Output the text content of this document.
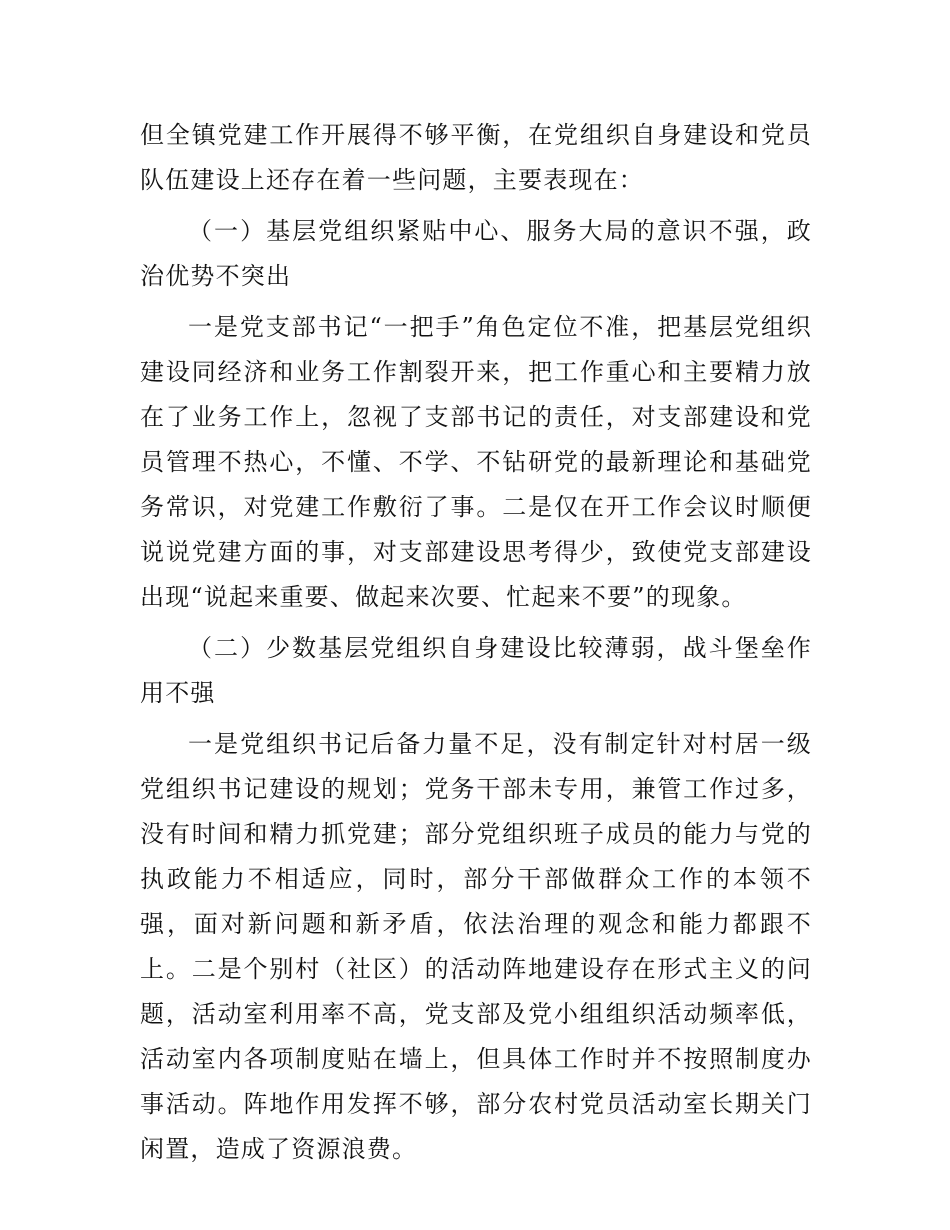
但全镇党建工作开展得不够平衡，在党组织自身建设和党员队伍建设上还存在着一些问题，主要表现在：

（一）基层党组织紧贴中心、服务大局的意识不强，政治优势不突出

一是党支部书记“一把手”角色定位不准，把基层党组织建设同经济和业务工作割裂开来，把工作重心和主要精力放在了业务工作上，忽视了支部书记的责任，对支部建设和党员管理不热心，不懂、不学、不钻研党的最新理论和基础党务常识，对党建工作敷衍了事。二是仅在开工作会议时顺便说说党建方面的事，对支部建设思考得少，致使党支部建设出现“说起来重要、做起来次要、忙起来不要”的现象。

（二）少数基层党组织自身建设比较薄弱，战斗堡垒作用不强

一是党组织书记后备力量不足，没有制定针对村居一级党组织书记建设的规划；党务干部未专用，兼管工作过多，没有时间和精力抓党建；部分党组织班子成员的能力与党的执政能力不相适应，同时，部分干部做群众工作的本领不强，面对新问题和新矛盾，依法治理的观念和能力都跟不上。二是个别村（社区）的活动阵地建设存在形式主义的问题，活动室利用率不高，党支部及党小组组织活动频率低，活动室内各项制度贴在墙上，但具体工作时并不按照制度办事活动。阵地作用发挥不够，部分农村党员活动室长期关门闲置，造成了资源浪费。
